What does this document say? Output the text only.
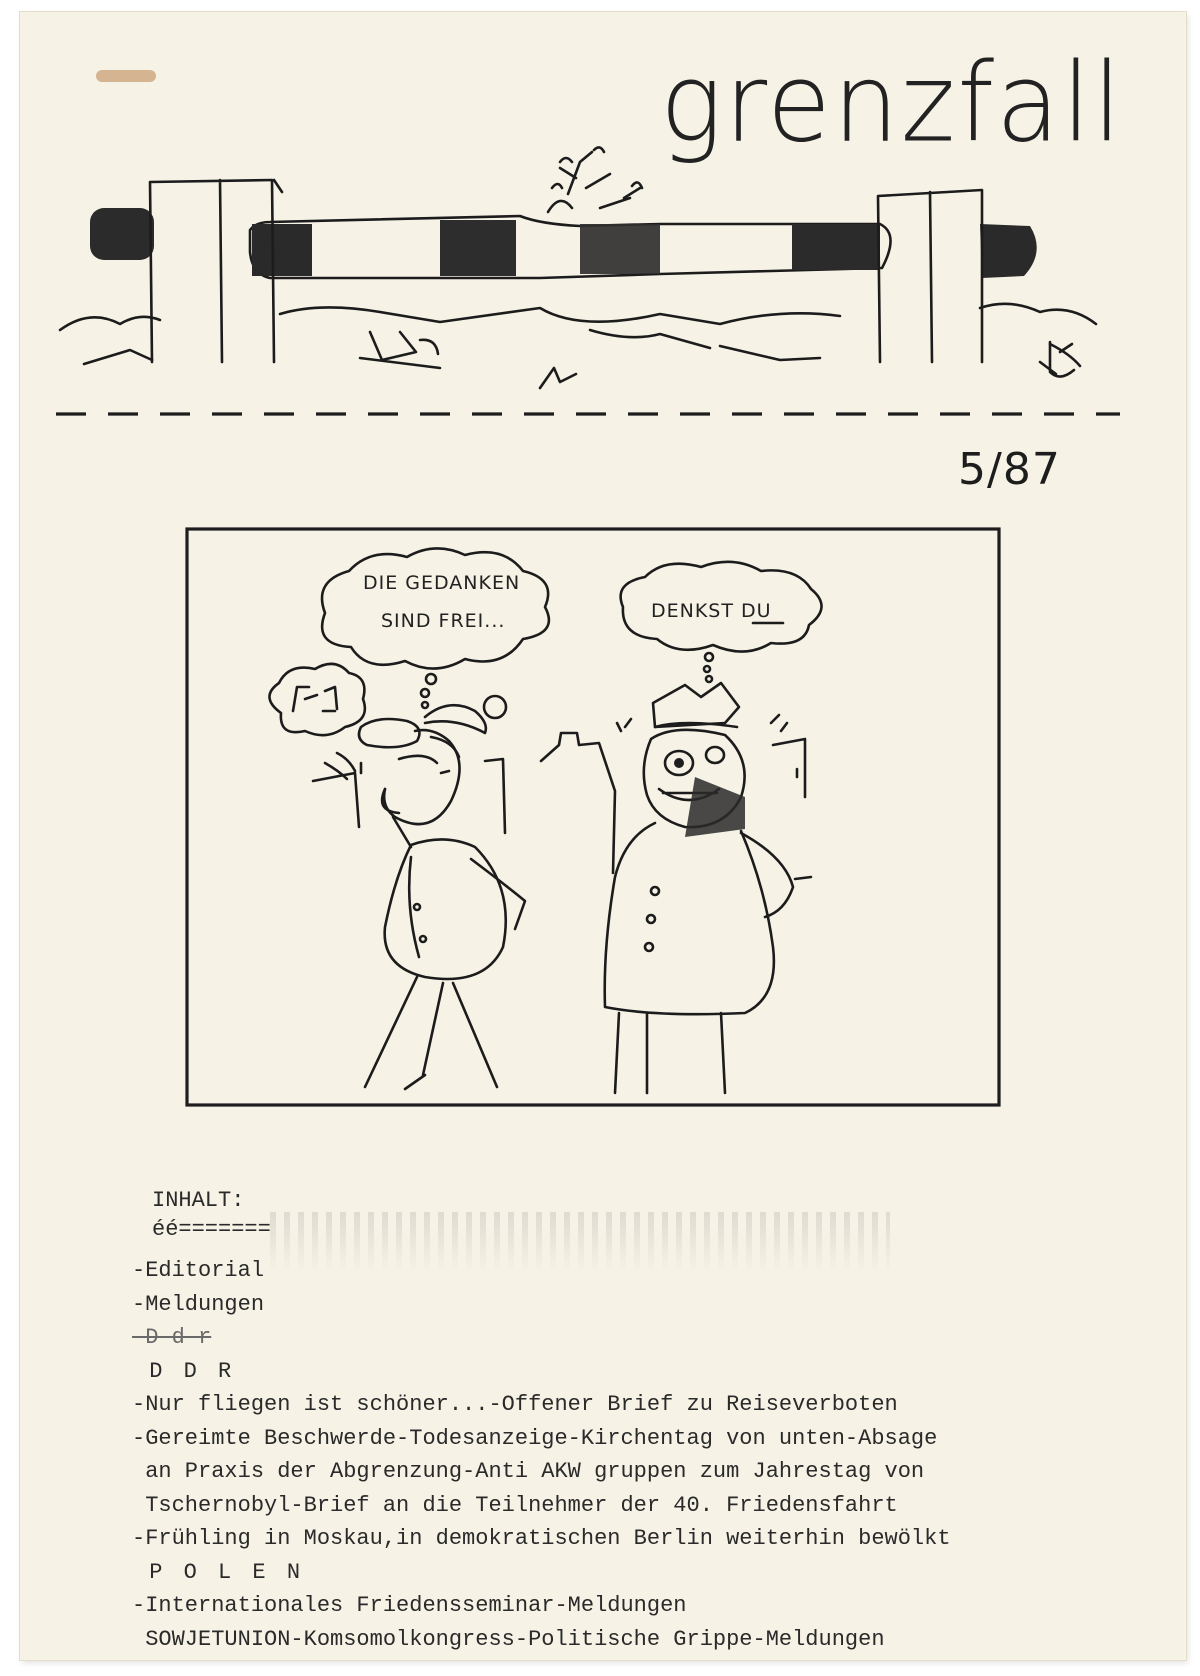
grenzfall
5/87
DIE GEDANKEN
SIND FREI...	DENKST DU
INHALT:
éé=======
-Editorial
-Meldungen
D-d-r
D D R
-Nur fliegen ist schöner...-Offener Brief zu Reiseverboten
-Gereimte Beschwerde-Todesanzeige-Kirchentag von unten-Absage
an Praxis der Abgrenzung-Anti AKW gruppen zum Jahrestag von
Tschernobyl-Brief an die Teilnehmer der 40. Friedensfahrt
-Frühling in Moskau,in demokratischen Berlin weiterhin bewölkt
P O L E N
-Internationales Friedensseminar-Meldungen
SOWJETUNION-Komsomolkongress-Politische Grippe-Meldungen
